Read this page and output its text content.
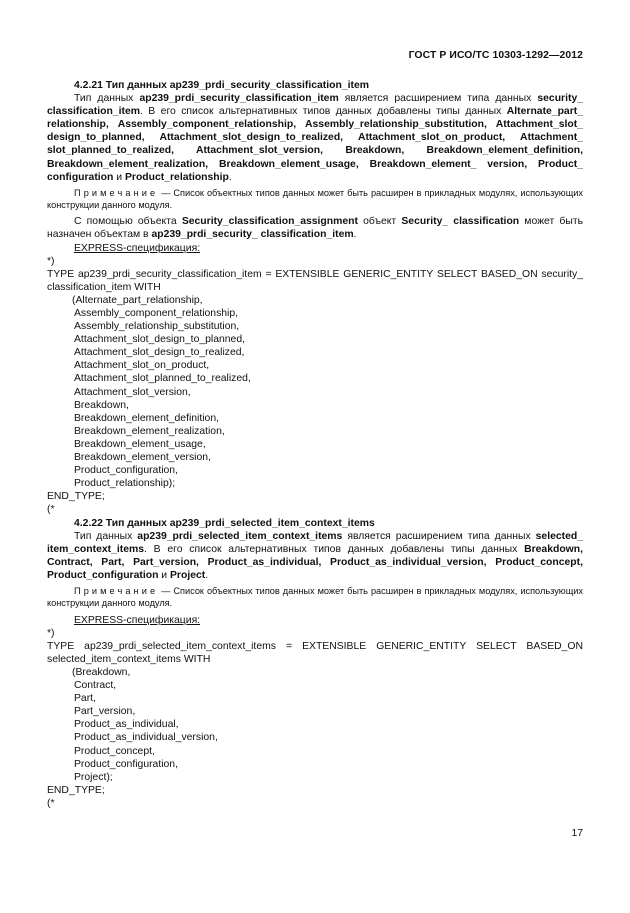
ГОСТ Р ИСО/ТС 10303-1292—2012

4.2.21 Тип данных ap239_prdi_security_classification_item

Тип данных ap239_prdi_security_classification_item является расширением типа данных security_ classification_item. В его список альтернативных типов данных добавлены типы данных Alternate_part_ relationship, Assembly_component_relationship, Assembly_relationship_substitution, Attachment_slot_ design_to_planned, Attachment_slot_design_to_realized, Attachment_slot_on_product, Attachment_ slot_planned_to_realized, Attachment_slot_version, Breakdown, Breakdown_element_definition, Breakdown_element_realization, Breakdown_element_usage, Breakdown_element_ version, Product_ configuration и Product_relationship.

Примечание — Список объектных типов данных может быть расширен в прикладных модулях, использующих конструкции данного модуля.

С помощью объекта Security_classification_assignment объект Security_ classification может быть назначен объектам в ap239_prdi_security_ classification_item.

EXPRESS-спецификация:

*)

TYPE ap239_prdi_security_classification_item = EXTENSIBLE GENERIC_ENTITY SELECT BASED_ON security_ classification_item WITH

(Alternate_part_relationship,

Assembly_component_relationship,

Assembly_relationship_substitution,

Attachment_slot_design_to_planned,

Attachment_slot_design_to_realized,

Attachment_slot_on_product,

Attachment_slot_planned_to_realized,

Attachment_slot_version,

Breakdown,

Breakdown_element_definition,

Breakdown_element_realization,

Breakdown_element_usage,

Breakdown_element_version,

Product_configuration,

Product_relationship);

END_TYPE;

(*

4.2.22 Тип данных ap239_prdi_selected_item_context_items

Тип данных ap239_prdi_selected_item_context_items является расширением типа данных selected_ item_context_items. В его список альтернативных типов данных добавлены типы данных Breakdown, Contract, Part, Part_version, Product_as_individual, Product_as_individual_version, Product_concept, Product_configuration и Project.

Примечание — Список объектных типов данных может быть расширен в прикладных модулях, использующих конструкции данного модуля.

EXPRESS-спецификация:

*)

TYPE ap239_prdi_selected_item_context_items = EXTENSIBLE GENERIC_ENTITY SELECT BASED_ON selected_item_context_items WITH

(Breakdown,

Contract,

Part,

Part_version,

Product_as_individual,

Product_as_individual_version,

Product_concept,

Product_configuration,

Project);

END_TYPE;

(*

17
